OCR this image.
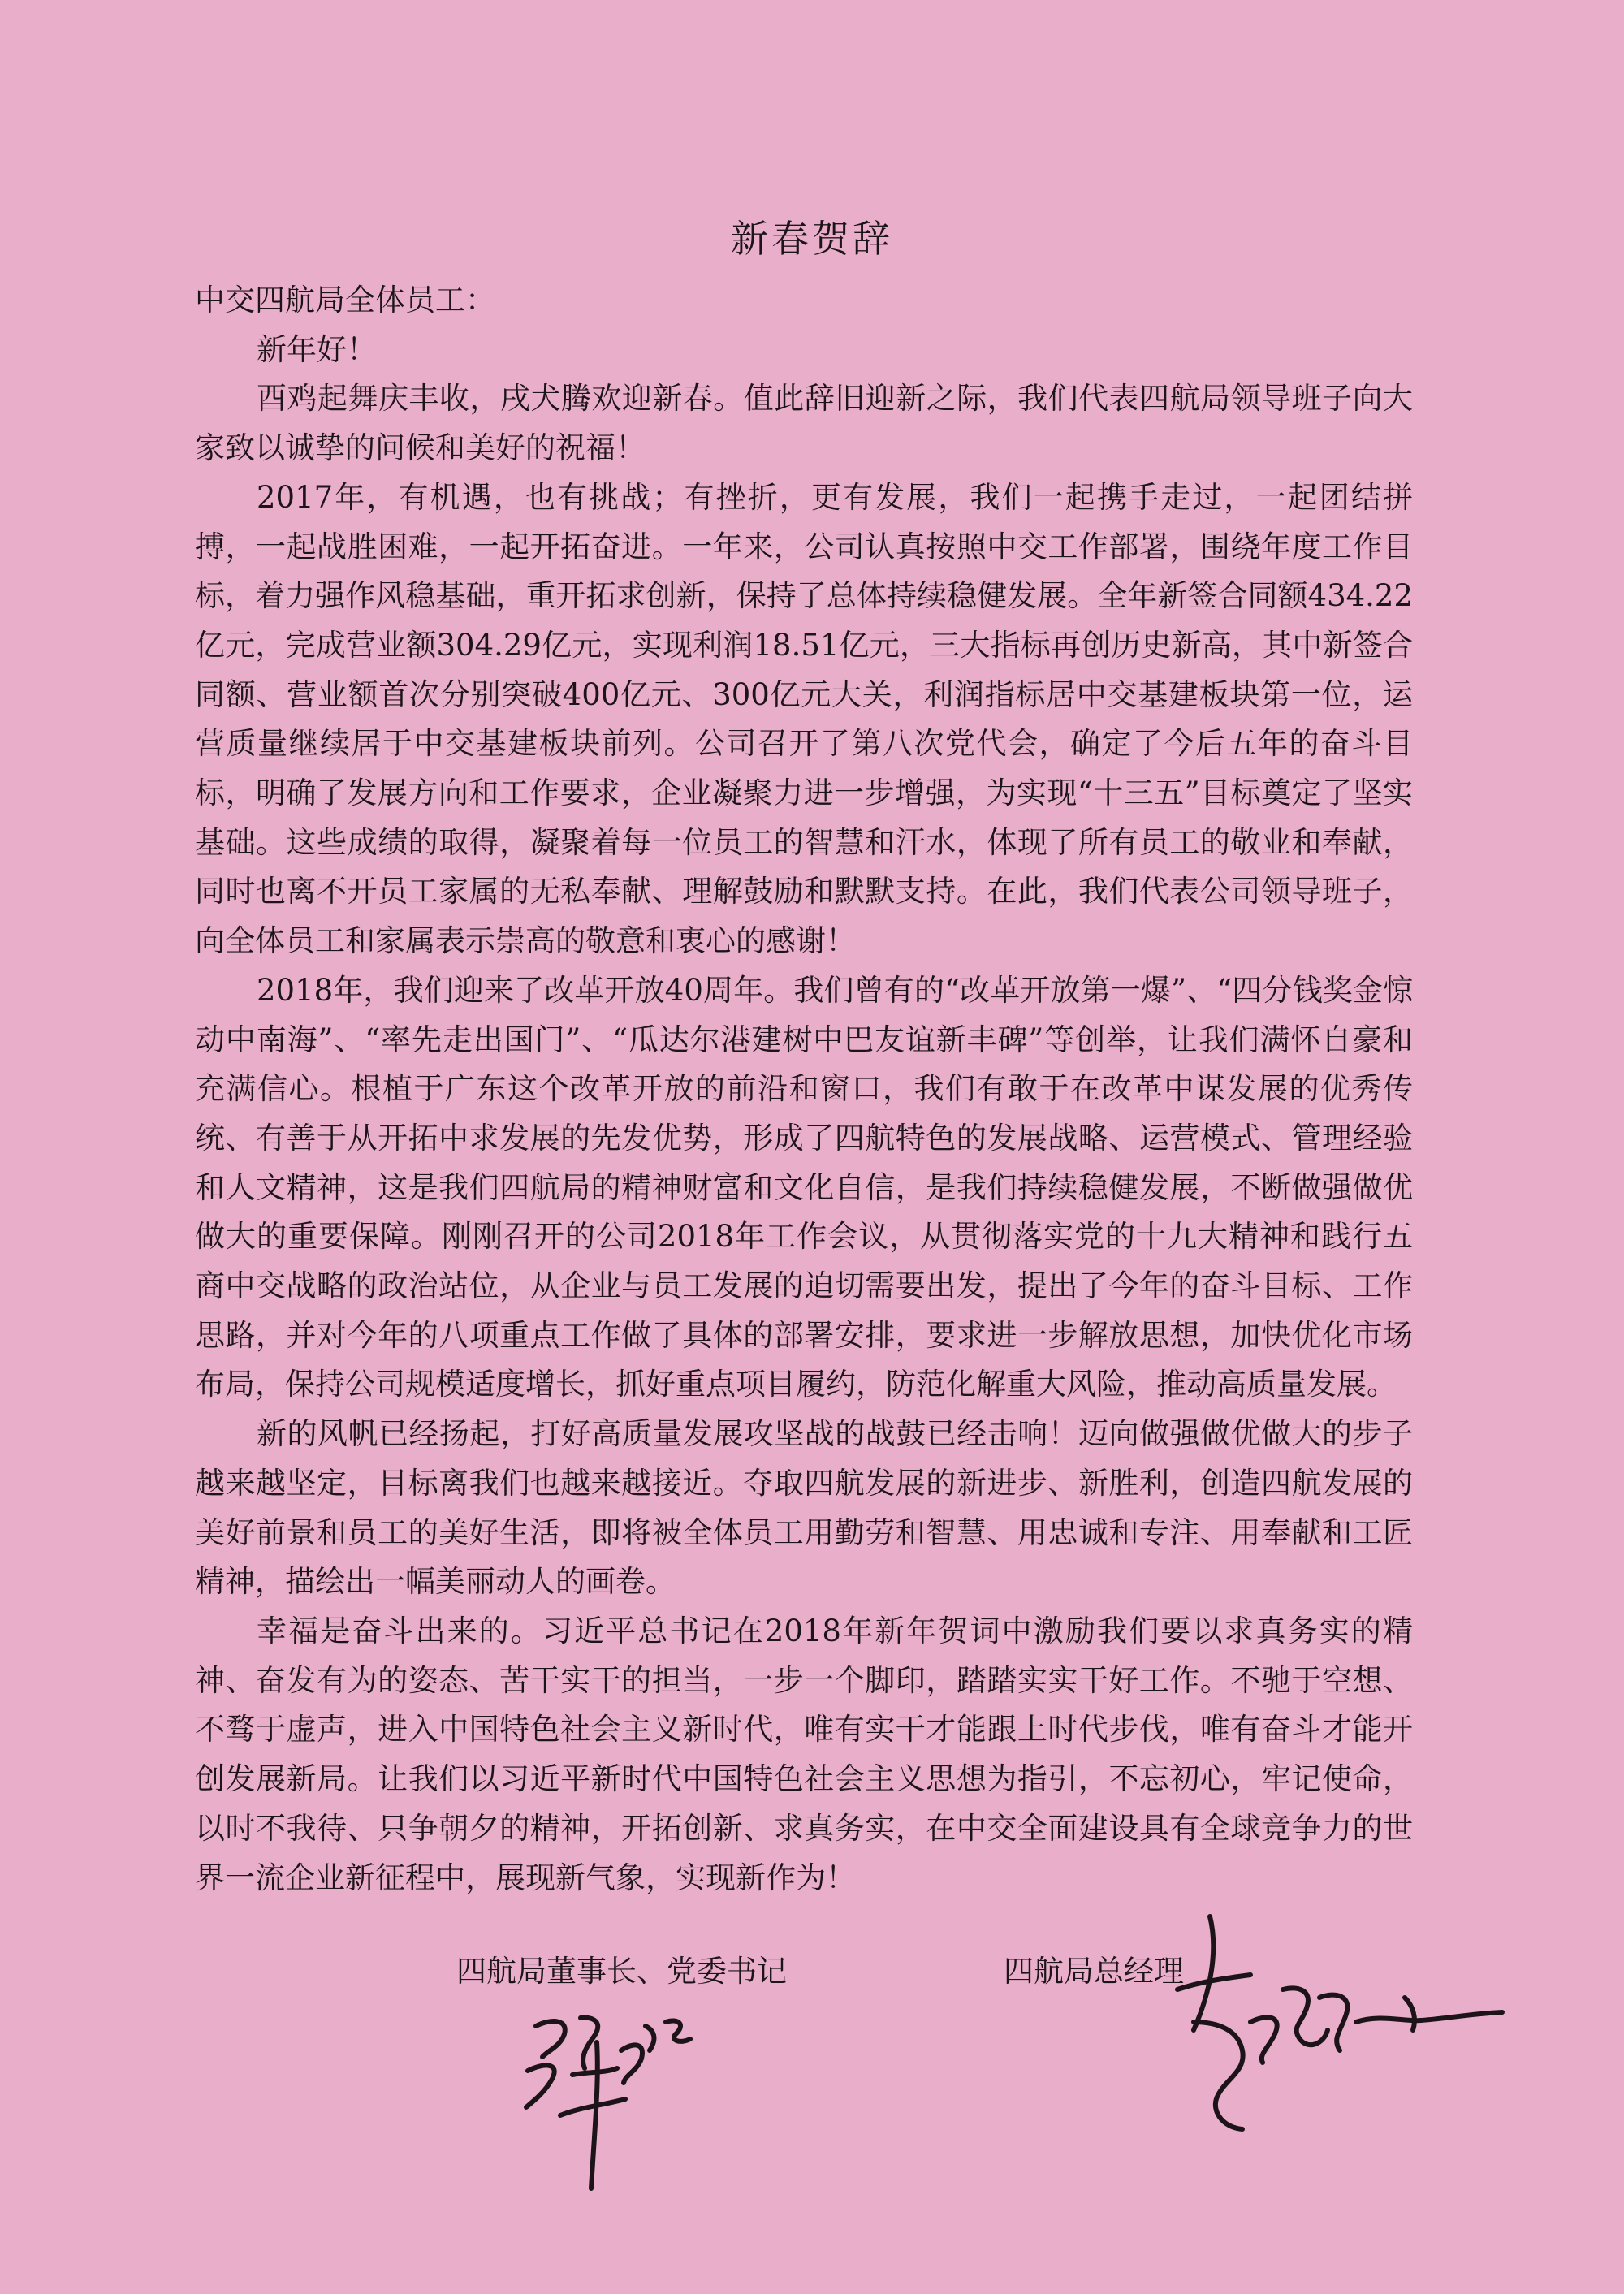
新春贺辞

中交四航局全体员工：

新年好！

酉鸡起舞庆丰收，戌犬腾欢迎新春。值此辞旧迎新之际，我们代表四航局领导班子向大家致以诚挚的问候和美好的祝福！

2017年，有机遇，也有挑战；有挫折，更有发展，我们一起携手走过，一起团结拼搏，一起战胜困难，一起开拓奋进。一年来，公司认真按照中交工作部署，围绕年度工作目标，着力强作风稳基础，重开拓求创新，保持了总体持续稳健发展。全年新签合同额434.22亿元，完成营业额304.29亿元，实现利润18.51亿元，三大指标再创历史新高，其中新签合同额、营业额首次分别突破400亿元、300亿元大关，利润指标居中交基建板块第一位，运营质量继续居于中交基建板块前列。公司召开了第八次党代会，确定了今后五年的奋斗目标，明确了发展方向和工作要求，企业凝聚力进一步增强，为实现“十三五”目标奠定了坚实基础。这些成绩的取得，凝聚着每一位员工的智慧和汗水，体现了所有员工的敬业和奉献，同时也离不开员工家属的无私奉献、理解鼓励和默默支持。在此，我们代表公司领导班子，向全体员工和家属表示崇高的敬意和衷心的感谢！

2018年，我们迎来了改革开放40周年。我们曾有的“改革开放第一爆”、“四分钱奖金惊动中南海”、“率先走出国门”、“瓜达尔港建树中巴友谊新丰碑”等创举，让我们满怀自豪和充满信心。根植于广东这个改革开放的前沿和窗口，我们有敢于在改革中谋发展的优秀传统、有善于从开拓中求发展的先发优势，形成了四航特色的发展战略、运营模式、管理经验和人文精神，这是我们四航局的精神财富和文化自信，是我们持续稳健发展，不断做强做优做大的重要保障。刚刚召开的公司2018年工作会议，从贯彻落实党的十九大精神和践行五商中交战略的政治站位，从企业与员工发展的迫切需要出发，提出了今年的奋斗目标、工作思路，并对今年的八项重点工作做了具体的部署安排，要求进一步解放思想，加快优化市场布局，保持公司规模适度增长，抓好重点项目履约，防范化解重大风险，推动高质量发展。

新的风帆已经扬起，打好高质量发展攻坚战的战鼓已经击响！迈向做强做优做大的步子越来越坚定，目标离我们也越来越接近。夺取四航发展的新进步、新胜利，创造四航发展的美好前景和员工的美好生活，即将被全体员工用勤劳和智慧、用忠诚和专注、用奉献和工匠精神，描绘出一幅美丽动人的画卷。

幸福是奋斗出来的。习近平总书记在2018年新年贺词中激励我们要以求真务实的精神、奋发有为的姿态、苦干实干的担当，一步一个脚印，踏踏实实干好工作。不驰于空想、不骛于虚声，进入中国特色社会主义新时代，唯有实干才能跟上时代步伐，唯有奋斗才能开创发展新局。让我们以习近平新时代中国特色社会主义思想为指引，不忘初心，牢记使命，以时不我待、只争朝夕的精神，开拓创新、求真务实，在中交全面建设具有全球竞争力的世界一流企业新征程中，展现新气象，实现新作为！

四航局董事长、党委书记	四航局总经理
